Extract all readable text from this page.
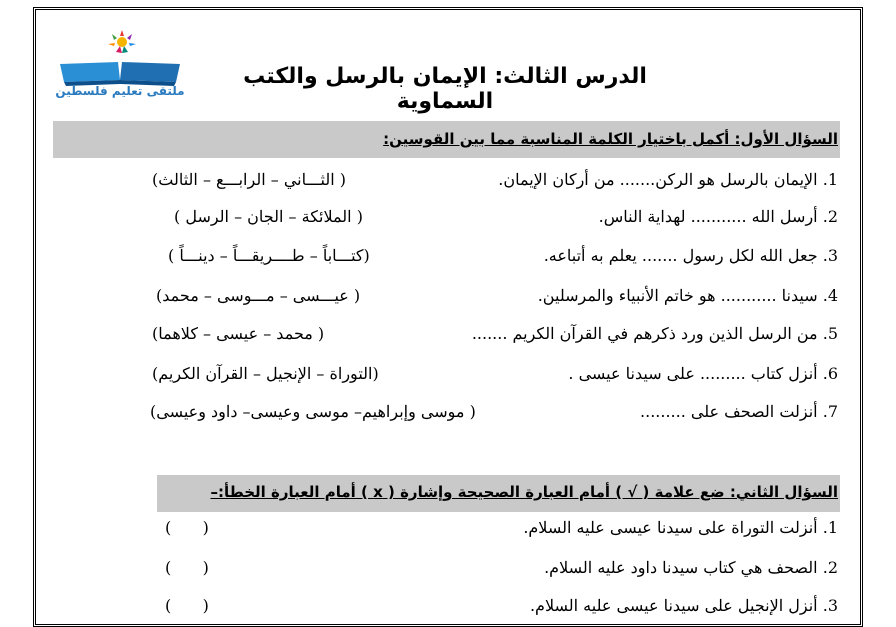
ملتقى تعليم فلسطين
الدرس الثالث: الإيمان بالرسل والكتب السماوية
السؤال الأول: أكمل باختيار الكلمة المناسبة مما بين القوسين:
1. الإيمان بالرسل هو الركن....... من أركان الإيمان.
( الثـــاني – الرابـــع – الثالث)
2. أرسل الله ........... لهداية الناس.
( الملائكة – الجان – الرسل )
3. جعل الله لكل رسول ....... يعلم به أتباعه.
(كتـــاباً – طــــريقـــاً – دينـــاً )
4. سيدنا ........... هو خاتم الأنبياء والمرسلين.
( عيـــسى – مـــوسى – محمد)
5. من الرسل الذين ورد ذكرهم في القرآن الكريم .......
( محمد – عيسى – كلاهما)
6. أنزل كتاب ......... على سيدنا عيسى .
(التوراة – الإنجيل – القرآن الكريم)
7. أنزلت الصحف على .........
( موسى وإبراهيم– موسى وعيسى– داود وعيسى)
السؤال الثاني: ضع علامة ( √ ) أمام العبارة الصحيحة وإشارة ( x ) أمام العبارة الخطأ:–
1. أنزلت التوراة على سيدنا عيسى عليه السلام.
(     )
2. الصحف هي كتاب سيدنا داود عليه السلام.
(     )
3. أنزل الإنجيل على سيدنا عيسى عليه السلام.
(     )
